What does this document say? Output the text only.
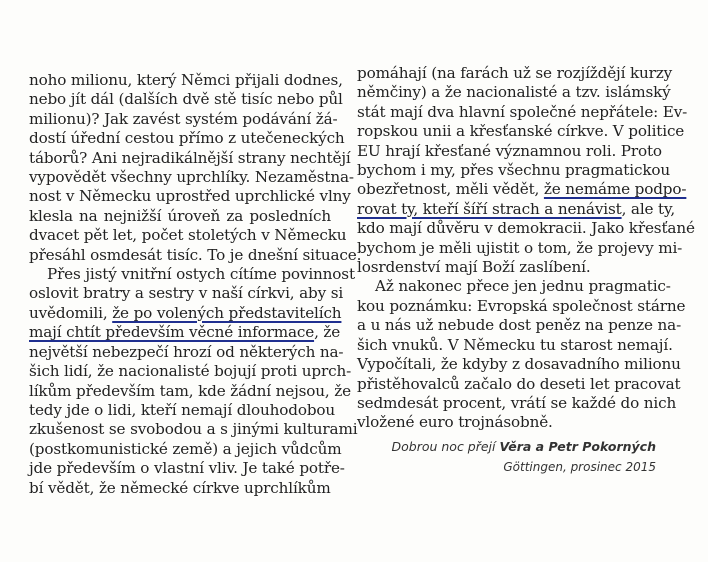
noho milionu, který Němci přijali dodnes,
nebo jít dál (dalších dvě stě tisíc nebo půl
milionu)? Jak zavést systém podávání žá-
dostí úřední cestou přímo z utečeneckých
táborů? Ani nejradikálnější strany nechtějí
vypovědět všechny uprchlíky. Nezaměstna-
nost v Německu uprostřed uprchlické vlny
klesla na nejnižší úroveň za posledních
dvacet pět let, počet stoletých v Německu
přesáhl osmdesát tisíc. To je dnešní situace.
Přes jistý vnitřní ostych cítíme povinnost
oslovit bratry a sestry v naší církvi, aby si
uvědomili, že po volených představitelích
mají chtít především věcné informace, že
největší nebezpečí hrozí od některých na-
šich lidí, že nacionalisté bojují proti uprch-
líkům především tam, kde žádní nejsou, že
tedy jde o lidi, kteří nemají dlouhodobou
zkušenost se svobodou a s jinými kulturami
(postkomunistické země) a jejich vůdcům
jde především o vlastní vliv. Je také potře-
bí vědět, že německé církve uprchlíkům
pomáhají (na farách už se rozjíždějí kurzy
němčiny) a že nacionalisté a tzv. islámský
stát mají dva hlavní společné nepřátele: Ev-
ropskou unii a křesťanské církve. V politice
EU hrají křesťané významnou roli. Proto
bychom i my, přes všechnu pragmatickou
obezřetnost, měli vědět, že nemáme podpo-
rovat ty, kteří šíří strach a nenávist, ale ty,
kdo mají důvěru v demokracii. Jako křesťané
bychom je měli ujistit o tom, že projevy mi-
losrdenství mají Boží zaslíbení.
Až nakonec přece jen jednu pragmatic-
kou poznámku: Evropská společnost stárne
a u nás už nebude dost peněz na penze na-
šich vnuků. V Německu tu starost nemají.
Vypočítali, že kdyby z dosavadního milionu
přistěhovalců začalo do deseti let pracovat
sedmdesát procent, vrátí se každé do nich
vložené euro trojnásobně.
Dobrou noc přejí Věra a Petr Pokorných
Göttingen, prosinec 2015
